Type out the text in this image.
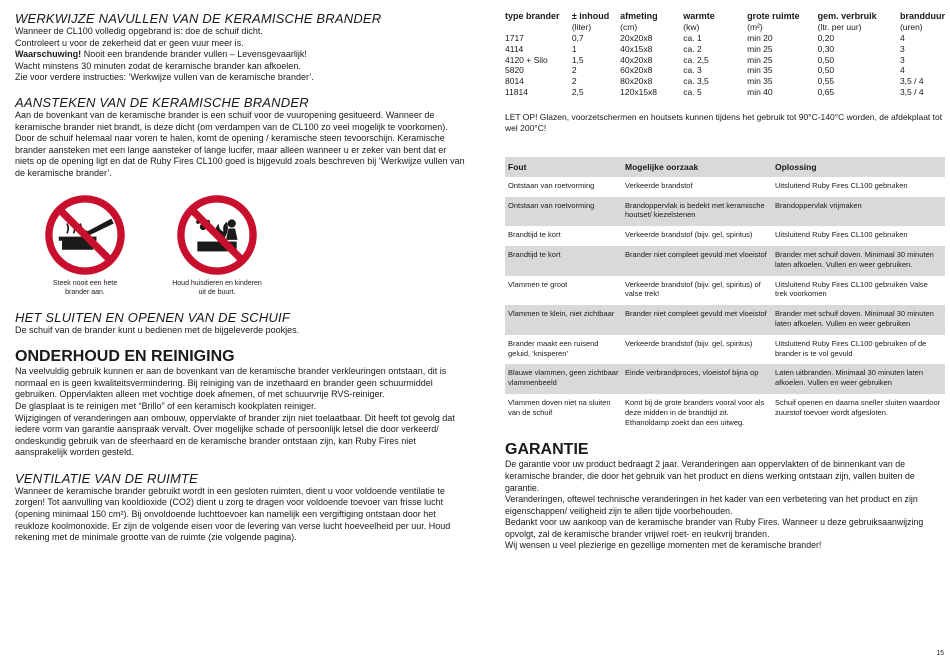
WERKWIJZE NAVULLEN VAN DE KERAMISCHE BRANDER

Wanneer de CL100 volledig opgebrand is: doe de schuif dicht.

Controleert u voor de zekerheid dat er geen vuur meer is.

Waarschuwing! Nooit een brandende brander vullen – Levensgevaarlijk!

Wacht minstens 30 minuten zodat de keramische brander kan afkoelen.

Zie voor verdere instructies: ‘Werkwijze vullen van de keramische brander’.

AANSTEKEN VAN DE KERAMISCHE BRANDER

Aan de bovenkant van de keramische brander is een schuif voor de vuuropening gesitueerd. Wanneer de keramische brander niet brandt, is deze dicht (om verdampen van de CL100 zo veel mogelijk te voorkomen). Door de schuif helemaal naar voren te halen, komt de opening / keramische steen tevoorschijn. Keramische brander aansteken met een lange aansteker of lange lucifer, maar alleen wanneer u er zeker van bent dat er niets op de opening ligt en dat de Ruby Fires CL100 goed is bijgevuld zoals beschreven bij ‘Werkwijze vullen van de keramische brander’.

Steek nooit een hete brander aan.
Houd huisdieren en kinderen uit de buurt.
HET SLUITEN EN OPENEN VAN DE SCHUIF

De schuif van de brander kunt u bedienen met de bijgeleverde pookjes.

ONDERHOUD EN REINIGING

Na veelvuldig gebruik kunnen er aan de bovenkant van de keramische brander verkleuringen ontstaan, dit is normaal en is geen kwaliteitsvermindering. Bij reiniging van de inzethaard en brander geen schuurmiddel gebruiken. Oppervlakten alleen met vochtige doek afnemen, of met schuurvrije RVS-reiniger.

De glasplaat is te reinigen met “Brillo” of een keramisch kookplaten reiniger.

Wijzigingen of veranderingen aan ombouw, oppervlakte of brander zijn niet toelaatbaar. Dit heeft tot gevolg dat iedere vorm van garantie aanspraak vervalt. Over mogelijke schade of persoonlijk letsel die door verkeerd/ ondeskundig gebruik van de sfeerhaard en de keramische brander ontstaan zijn, kan Ruby Fires niet aansprakelijk worden gesteld.

VENTILATIE VAN DE RUIMTE

Wanneer de keramische brander gebruikt wordt in een gesloten ruimten, dient u voor voldoende ventilatie te zorgen! Tot aanvulling van kooldioxide (CO2) dient u zorg te dragen voor voldoende toevoer van frisse lucht (opening minimaal 150 cm²). Bij onvoldoende luchttoevoer kan namelijk een vergiftiging ontstaan door het reukloze koolmonoxide. Er zijn de volgende eisen voor de levering van verse lucht hoeveelheid per uur. Houd rekening met de minimale grootte van de ruimte (zie volgende pagina).

type brander	± inhoud	afmeting	warmte	grote ruimte	gem. verbruik	brandduur
	(liter)	(cm)	(kw)	(m²)	(ltr. per uur)	(uren)
1717	0,7	20x20x8	ca. 1	min 20	0,20	4
4114	1	40x15x8	ca. 2	min 25	0,30	3
4120 + Silo	1,5	40x20x8	ca. 2,5	min 25	0,50	3
5820	2	60x20x8	ca. 3	min 35	0,50	4
8014	2	80x20x8	ca. 3,5	min 35	0,55	3,5 / 4
11814	2,5	120x15x8	ca. 5	min 40	0,65	3,5 / 4

LET OP! Glazen, voorzetschermen en houtsets kunnen tijdens het gebruik tot 90°C-140°C worden, de afdekplaat tot wel 200°C!

Fout	Mogelijke oorzaak	Oplossing
Ontstaan van roetvorming	Verkeerde brandstof	Uitsluitend Ruby Fires CL100 gebruiken
Ontstaan van roetvorming	Brandoppervlak is bedekt met keramische houtset/ kiezelstenen	Brandoppervlak vrijmaken
Brandtijd te kort	Verkeerde brandstof (bijv. gel, spiritus)	Uitsluitend Ruby Fires CL100 gebruiken
Brandtijd te kort	Brander niet compleet gevuld met vloeistof	Brander met schuif doven. Minimaal 30 minuten laten afkoelen. Vullen en weer gebruiken.
Vlammen te groot	Verkeerde brandstof (bijv. gel, spiritus) of valse trek!	Uitsluitend Ruby Fires CL100 gebruiken Valse trek voorkomen
Vlammen te klein, niet zichtbaar	Brander niet compleet gevuld met vloeistof	Brander met schuif doven. Minimaal 30 minuten laten afkoelen. Vullen en weer gebruiken
Brander maakt een ruisend geluid, ‘knisperen’	Verkeerde brandstof (bijv. gel, spiritus)	Uitsluitend Ruby Fires CL100 gebruiken of de brander is te vol gevuld
Blauwe vlammen, geen zichtbaar vlammenbeeld	Einde verbrandproces, vloeistof bijna op	Laten uitbranden. Minimaal 30 minuten laten afkoelen. Vullen en weer gebruiken
Vlammen doven niet na sluiten van de schuif	Komt bij de grote branders vooral voor als deze midden in de brandtijd zit. Ethanoldamp zoekt dan een uitweg.	Schuif openen en daarna sneller sluiten waardoor zuurstof toevoer wordt afgesloten.
GARANTIE

De garantie voor uw product bedraagt 2 jaar. Veranderingen aan oppervlakten of de binnenkant van de keramische brander, die door het gebruik van het product en diens werking ontstaan zijn, vallen buiten de garantie.

Veranderingen, oftewel technische veranderingen in het kader van een verbetering van het product en zijn eigenschappen/ veiligheid zijn te allen tijde voorbehouden.

Bedankt voor uw aankoop van de keramische brander van Ruby Fires. Wanneer u deze gebruiksaanwijzing opvolgt, zal de keramische brander vrijwel roet- en reukvrij branden.

Wij wensen u veel plezierige en gezellige momenten met de keramische brander!

15
